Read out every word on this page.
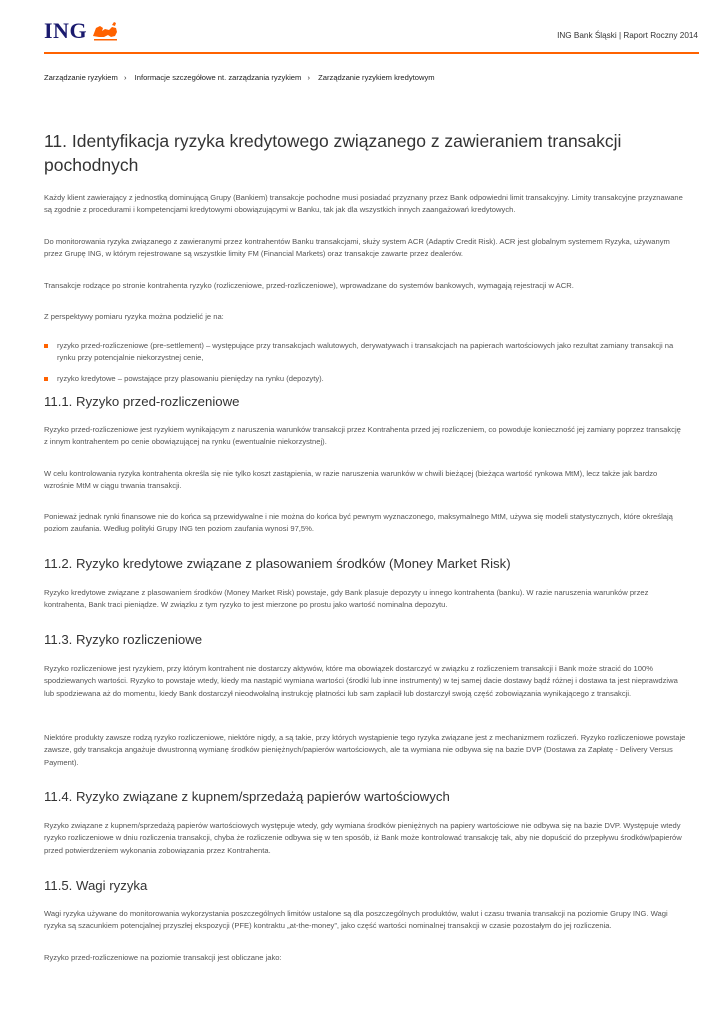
ING	ING Bank Śląski | Raport Roczny 2014
Zarządzanie ryzykiem › Informacje szczegółowe nt. zarządzania ryzykiem › Zarządzanie ryzykiem kredytowym
11. Identyfikacja ryzyka kredytowego związanego z zawieraniem transakcji pochodnych

Każdy klient zawierający z jednostką dominującą Grupy (Bankiem) transakcje pochodne musi posiadać przyznany przez Bank odpowiedni limit transakcyjny. Limity transakcyjne przyznawane są zgodnie z procedurami i kompetencjami kredytowymi obowiązującymi w Banku, tak jak dla wszystkich innych zaangażowań kredytowych.

Do monitorowania ryzyka związanego z zawieranymi przez kontrahentów Banku transakcjami, służy system ACR (Adaptiv Credit Risk). ACR jest globalnym systemem Ryzyka, używanym przez Grupę ING, w którym rejestrowane są wszystkie limity FM (Financial Markets) oraz transakcje zawarte przez dealerów.

Transakcje rodzące po stronie kontrahenta ryzyko (rozliczeniowe, przed-rozliczeniowe), wprowadzane do systemów bankowych, wymagają rejestracji w ACR.

Z perspektywy pomiaru ryzyka można podzielić je na:

ryzyko przed-rozliczeniowe (pre-settlement) – występujące przy transakcjach walutowych, derywatywach i transakcjach na papierach wartościowych jako rezultat zamiany transakcji na rynku przy potencjalnie niekorzystnej cenie,
ryzyko kredytowe – powstające przy plasowaniu pieniędzy na rynku (depozyty).
11.1. Ryzyko przed-rozliczeniowe

Ryzyko przed-rozliczeniowe jest ryzykiem wynikającym z naruszenia warunków transakcji przez Kontrahenta przed jej rozliczeniem, co powoduje konieczność jej zamiany poprzez transakcję z innym kontrahentem po cenie obowiązującej na rynku (ewentualnie niekorzystnej).

W celu kontrolowania ryzyka kontrahenta określa się nie tylko koszt zastąpienia, w razie naruszenia warunków w chwili bieżącej (bieżąca wartość rynkowa MtM), lecz także jak bardzo wzrośnie MtM w ciągu trwania transakcji.

Ponieważ jednak rynki finansowe nie do końca są przewidywalne i nie można do końca być pewnym wyznaczonego, maksymalnego MtM, używa się modeli statystycznych, które określają poziom zaufania. Według polityki Grupy ING ten poziom zaufania wynosi 97,5%.

11.2. Ryzyko kredytowe związane z plasowaniem środków (Money Market Risk)

Ryzyko kredytowe związane z plasowaniem środków (Money Market Risk) powstaje, gdy Bank plasuje depozyty u innego kontrahenta (banku). W razie naruszenia warunków przez kontrahenta, Bank traci pieniądze. W związku z tym ryzyko to jest mierzone po prostu jako wartość nominalna depozytu.

11.3. Ryzyko rozliczeniowe

Ryzyko rozliczeniowe jest ryzykiem, przy którym kontrahent nie dostarczy aktywów, które ma obowiązek dostarczyć w związku z rozliczeniem transakcji i Bank może stracić do 100% spodziewanych wartości. Ryzyko to powstaje wtedy, kiedy ma nastąpić wymiana wartości (środki lub inne instrumenty) w tej samej dacie dostawy bądź różnej i dostawa ta jest nieprawdziwa lub spodziewana aż do momentu, kiedy Bank dostarczył nieodwołalną instrukcję płatności lub sam zapłacił lub dostarczył swoją część zobowiązania wynikającego z transakcji.

Niektóre produkty zawsze rodzą ryzyko rozliczeniowe, niektóre nigdy, a są takie, przy których wystąpienie tego ryzyka związane jest z mechanizmem rozliczeń. Ryzyko rozliczeniowe powstaje zawsze, gdy transakcja angażuje dwustronną wymianę środków pieniężnych/papierów wartościowych, ale ta wymiana nie odbywa się na bazie DVP (Dostawa za Zapłatę - Delivery Versus Payment).

11.4. Ryzyko związane z kupnem/sprzedażą papierów wartościowych

Ryzyko związane z kupnem/sprzedażą papierów wartościowych występuje wtedy, gdy wymiana środków pieniężnych na papiery wartościowe nie odbywa się na bazie DVP. Występuje wtedy ryzyko rozliczeniowe w dniu rozliczenia transakcji, chyba że rozliczenie odbywa się w ten sposób, iż Bank może kontrolować transakcję tak, aby nie dopuścić do przepływu środków/papierów przed potwierdzeniem wykonania zobowiązania przez Kontrahenta.

11.5. Wagi ryzyka

Wagi ryzyka używane do monitorowania wykorzystania poszczególnych limitów ustalone są dla poszczególnych produktów, walut i czasu trwania transakcji na poziomie Grupy ING. Wagi ryzyka są szacunkiem potencjalnej przyszłej ekspozycji (PFE) kontraktu „at-the-money”, jako część wartości nominalnej transakcji w czasie pozostałym do jej rozliczenia.

Ryzyko przed-rozliczeniowe na poziomie transakcji jest obliczane jako:
